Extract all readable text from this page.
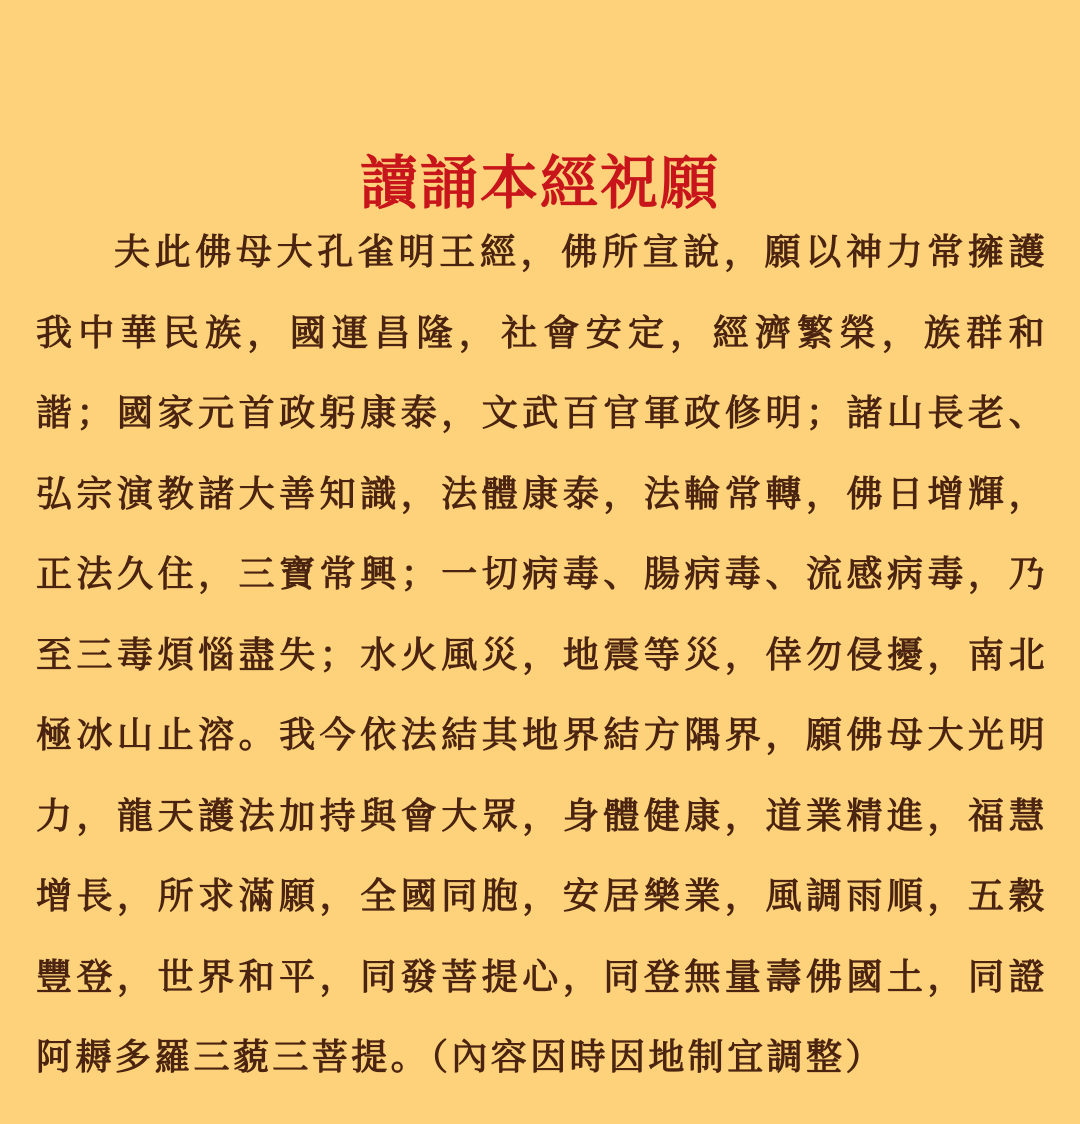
讀誦本經祝願

夫此佛母大孔雀明王經，佛所宣說，願以神力常擁護我中華民族，國運昌隆，社會安定，經濟繁榮，族群和諧；國家元首政躬康泰，文武百官軍政修明；諸山長老、弘宗演教諸大善知識，法體康泰，法輪常轉，佛日增輝，正法久住，三寶常興；一切病毒、腸病毒、流感病毒，乃至三毒煩惱盡失；水火風災，地震等災，倖勿侵擾，南北極冰山止溶。我今依法結其地界結方隅界，願佛母大光明力，龍天護法加持與會大眾，身體健康，道業精進，福慧增長，所求滿願，全國同胞，安居樂業，風調雨順，五穀豐登，世界和平，同發菩提心，同登無量壽佛國土，同證阿耨多羅三藐三菩提。（內容因時因地制宜調整）
